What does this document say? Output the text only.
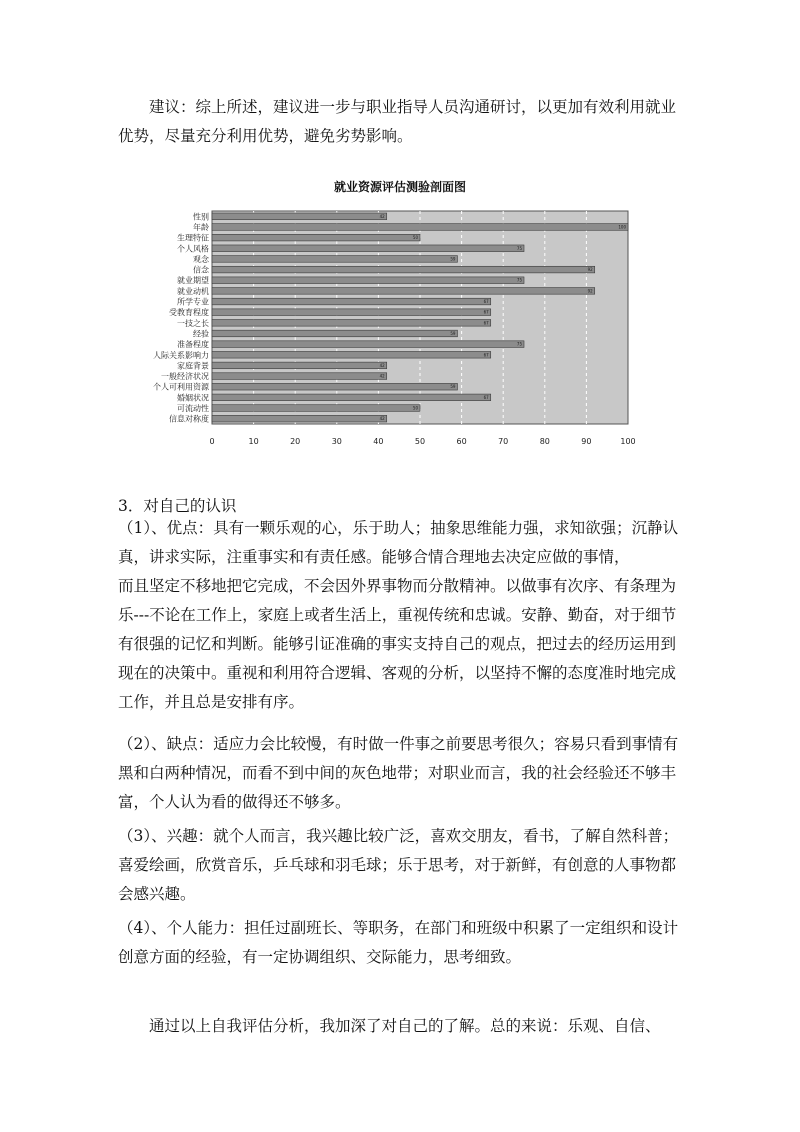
建议：综上所述，建议进一步与职业指导人员沟通研讨，以更加有效利用就业优势，尽量充分利用优势，避免劣势影响。

就业资源评估测验剖面图

0	10	20	30	40	50	60	70	80	90	100
42
性别
100
年龄
50
生理特征
75
个人风格
59
观念
92
信念
75
就业期望
92
就业动机
67
所学专业
67
受教育程度
67
一技之长
59
经验
75
准备程度
67
人际关系影响力
42
家庭背景
42
一般经济状况
59
个人可利用资源
67
婚姻状况
50
可流动性
42
信息对称度

3．对自己的认识

（1）、优点：具有一颗乐观的心，乐于助人；抽象思维能力强，求知欲强；沉静认真，讲求实际，注重事实和有责任感。能够合情合理地去决定应做的事情，

而且坚定不移地把它完成，不会因外界事物而分散精神。以做事有次序、有条理为乐---不论在工作上，家庭上或者生活上，重视传统和忠诚。安静、勤奋，对于细节有很强的记忆和判断。能够引证准确的事实支持自己的观点，把过去的经历运用到现在的决策中。重视和利用符合逻辑、客观的分析，以坚持不懈的态度准时地完成工作，并且总是安排有序。

（2）、缺点：适应力会比较慢，有时做一件事之前要思考很久；容易只看到事情有黑和白两种情况，而看不到中间的灰色地带；对职业而言，我的社会经验还不够丰富，个人认为看的做得还不够多。

（3）、兴趣：就个人而言，我兴趣比较广泛，喜欢交朋友，看书，了解自然科普；喜爱绘画，欣赏音乐，乒乓球和羽毛球；乐于思考，对于新鲜，有创意的人事物都会感兴趣。

（4）、个人能力：担任过副班长、等职务，在部门和班级中积累了一定组织和设计创意方面的经验，有一定协调组织、交际能力，思考细致。

通过以上自我评估分析，我加深了对自己的了解。总的来说：乐观、自信、
